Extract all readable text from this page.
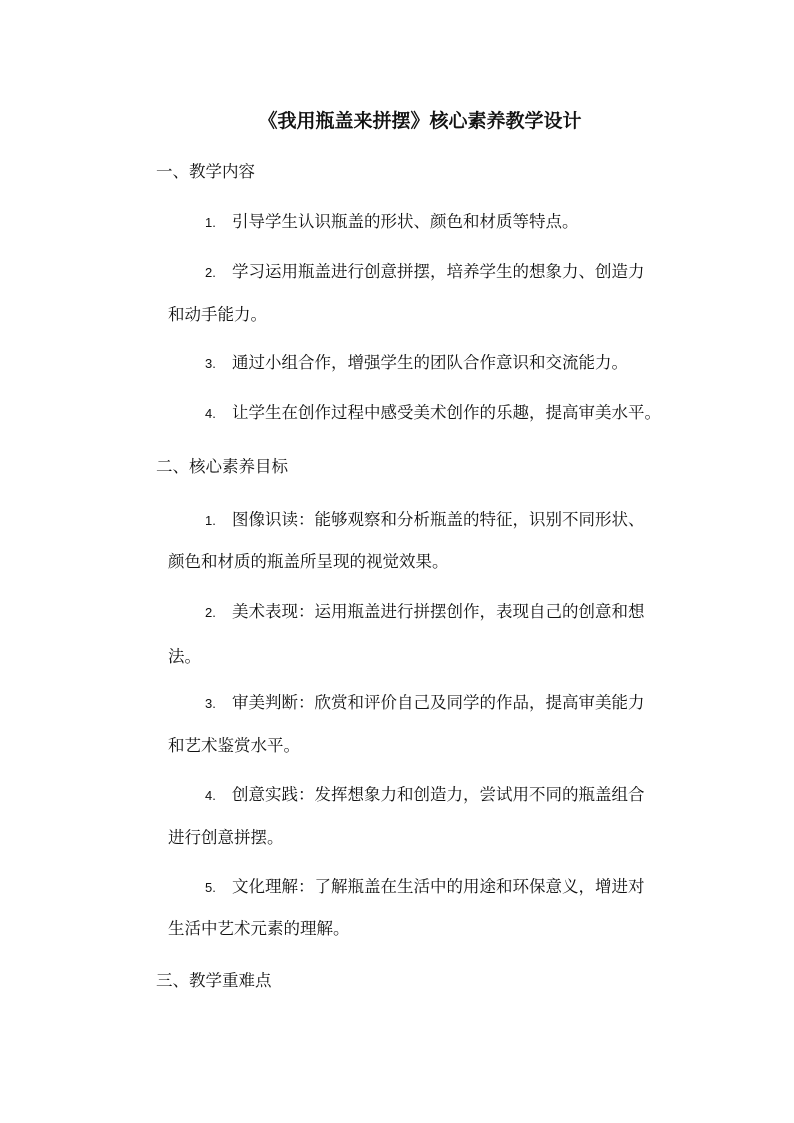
《我用瓶盖来拼摆》核心素养教学设计
一、教学内容
1. 引导学生认识瓶盖的形状、颜色和材质等特点。
2. 学习运用瓶盖进行创意拼摆，培养学生的想象力、创造力
和动手能力。
3. 通过小组合作，增强学生的团队合作意识和交流能力。
4. 让学生在创作过程中感受美术创作的乐趣，提高审美水平。
二、核心素养目标
1. 图像识读：能够观察和分析瓶盖的特征，识别不同形状、
颜色和材质的瓶盖所呈现的视觉效果。
2. 美术表现：运用瓶盖进行拼摆创作，表现自己的创意和想
法。
3. 审美判断：欣赏和评价自己及同学的作品，提高审美能力
和艺术鉴赏水平。
4. 创意实践：发挥想象力和创造力，尝试用不同的瓶盖组合
进行创意拼摆。
5. 文化理解：了解瓶盖在生活中的用途和环保意义，增进对
生活中艺术元素的理解。
三、教学重难点
